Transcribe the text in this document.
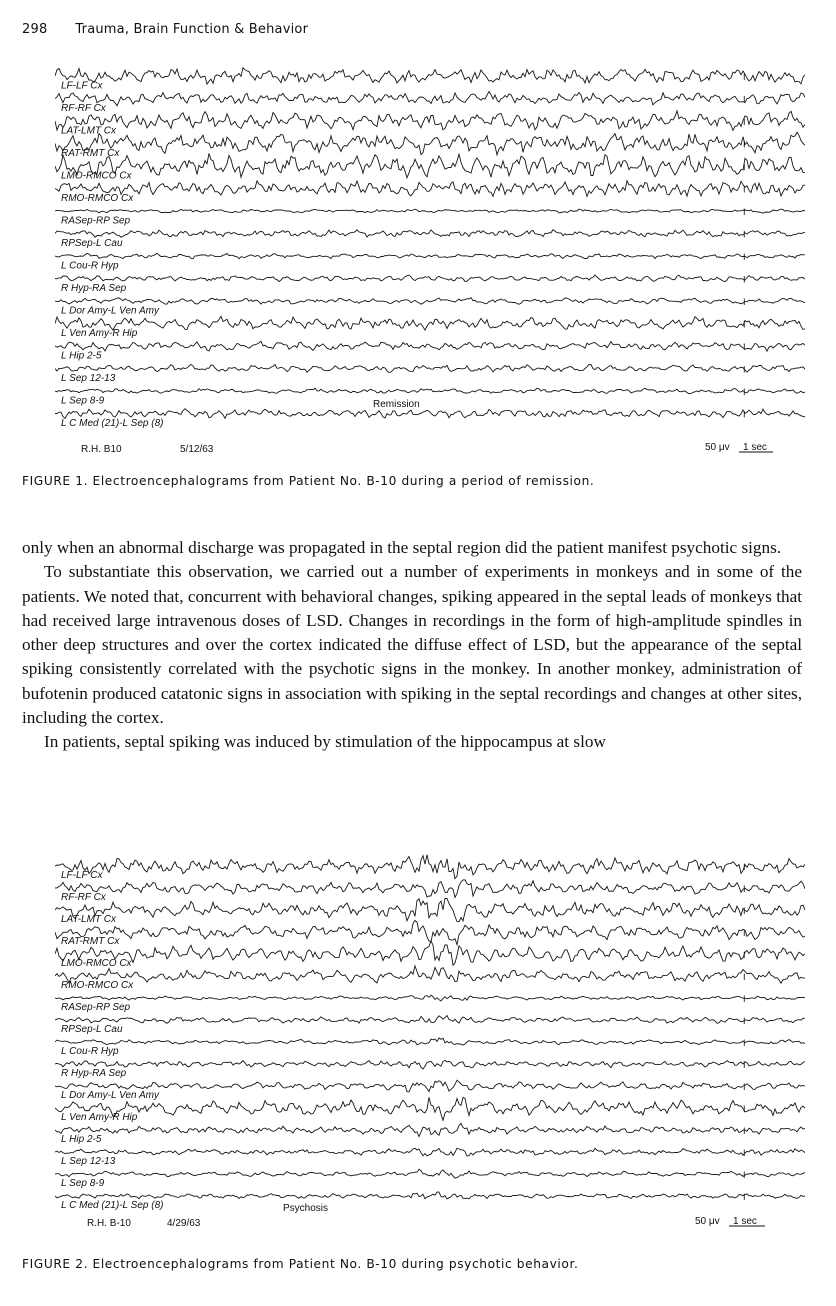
298 Trauma, Brain Function & Behavior
I
I
I
I
I
I
I
I
I
I
I
I
I
I
I
I
LF-LF Cx
RF-RF Cx
LAT-LMT Cx
RAT-RMT Cx
LMO-RMCO Cx
RMO-RMCO Cx
RASep-RP Sep
RPSep-L Cau
L Cou-R Hyp
R Hyp-RA Sep
L Dor Amy-L Ven Amy
L Ven Amy-R Hip
L Hip 2-5
L Sep 12-13
L Sep 8-9
L C Med (21)-L Sep (8)
Remission
R.H. B10	5/12/63	50 μv 1 sec
FIGURE 1. Electroencephalograms from Patient No. B-10 during a period of remission.

only when an abnormal discharge was propagated in the septal region did the patient manifest psychotic signs.

To substantiate this observation, we carried out a number of experiments in monkeys and in some of the patients. We noted that, concurrent with behavioral changes, spiking appeared in the septal leads of monkeys that had received large intravenous doses of LSD. Changes in recordings in the form of high-amplitude spindles in other deep structures and over the cortex indicated the diffuse effect of LSD, but the appearance of the septal spiking consistently correlated with the psychotic signs in the monkey. In another monkey, administration of bufotenin produced catatonic signs in association with spiking in the septal recordings and changes at other sites, including the cortex.

In patients, septal spiking was induced by stimulation of the hippocampus at slow

I
I
I
I
I
I
I
I
I
I
I
I
I
I
I
I
LF-LF Cx
RF-RF Cx
LAT-LMT Cx
RAT-RMT Cx
LMO-RMCO Cx
RMO-RMCO Cx
RASep-RP Sep
RPSep-L Cau
L Cou-R Hyp
R Hyp-RA Sep
L Dor Amy-L Ven Amy
L Ven Amy-R Hip
L Hip 2-5
L Sep 12-13
L Sep 8-9
L C Med (21)-L Sep (8)	Psychosis
R.H. B-10	4/29/63	50 μv 1 sec
FIGURE 2. Electroencephalograms from Patient No. B-10 during psychotic behavior.
